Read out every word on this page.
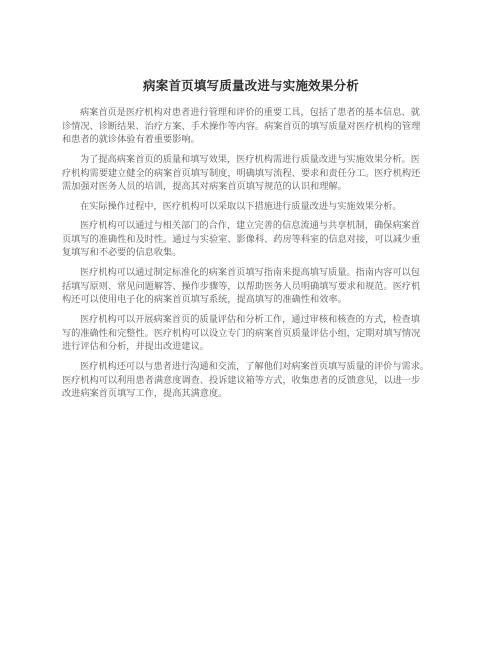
病案首页填写质量改进与实施效果分析

病案首页是医疗机构对患者进行管理和评价的重要工具，包括了患者的基本信息、就
诊情况、诊断结果、治疗方案、手术操作等内容。病案首页的填写质量对医疗机构的管理
和患者的就诊体验有着重要影响。

为了提高病案首页的质量和填写效果，医疗机构需进行质量改进与实施效果分析。医
疗机构需要建立健全的病案首页填写制度，明确填写流程、要求和责任分工。医疗机构还
需加强对医务人员的培训，提高其对病案首页填写规范的认识和理解。

在实际操作过程中，医疗机构可以采取以下措施进行质量改进与实施效果分析。

医疗机构可以通过与相关部门的合作，建立完善的信息流通与共享机制，确保病案首
页填写的准确性和及时性。通过与实验室、影像科、药房等科室的信息对接，可以减少重
复填写和不必要的信息收集。

医疗机构可以通过制定标准化的病案首页填写指南来提高填写质量。指南内容可以包
括填写原则、常见问题解答、操作步骤等，以帮助医务人员明确填写要求和规范。医疗机
构还可以使用电子化的病案首页填写系统，提高填写的准确性和效率。

医疗机构可以开展病案首页的质量评估和分析工作，通过审核和核查的方式，检查填
写的准确性和完整性。医疗机构可以设立专门的病案首页质量评估小组，定期对填写情况
进行评估和分析，并提出改进建议。

医疗机构还可以与患者进行沟通和交流，了解他们对病案首页填写质量的评价与需求。
医疗机构可以利用患者满意度调查、投诉建议箱等方式，收集患者的反馈意见，以进一步
改进病案首页填写工作，提高其满意度。
